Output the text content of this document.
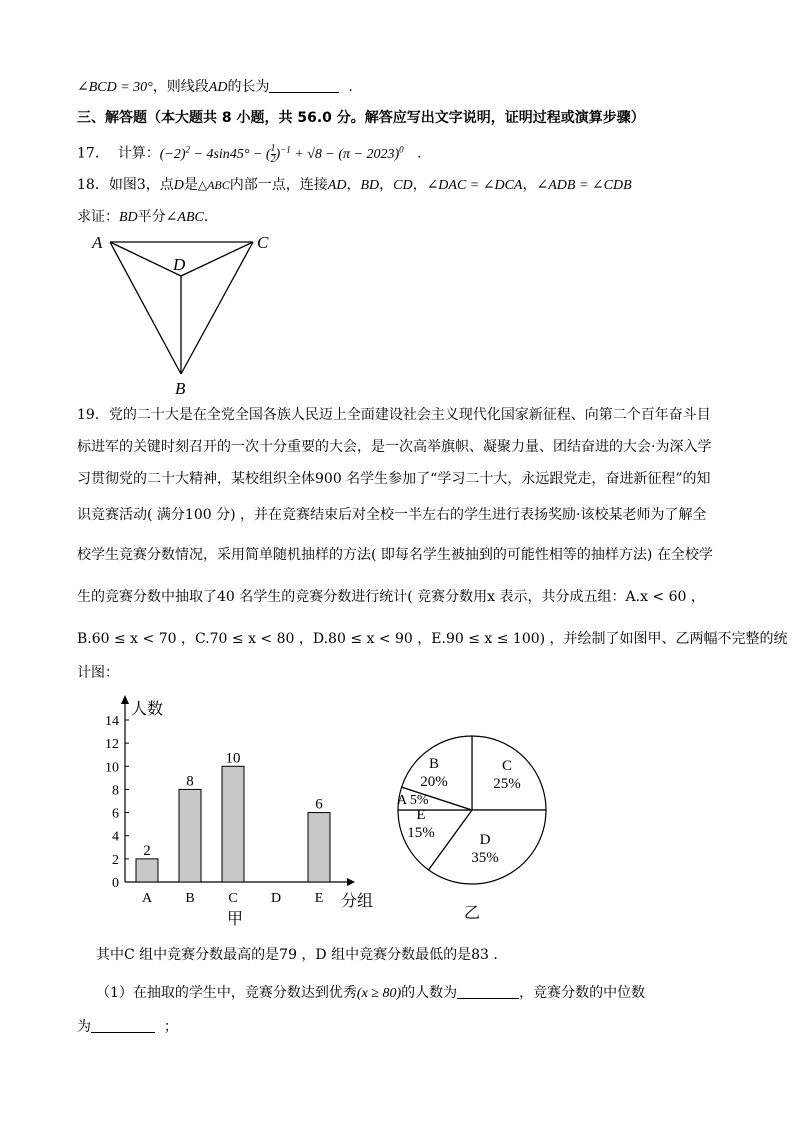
∠BCD = 30°，则线段AD的长为	.
三、解答题（本大题共 8 小题，共 56.0 分。解答应写出文字说明，证明过程或演算步骤）
17． 计算：$(-2)^2 - 4\sin 45^\circ$ − ( $\frac{1}{2} )^{-1} + √8 - (\pi - 2023)^0$ .
18．如图3，点D是△ABC内部一点，连接AD，BD，CD，∠DAC = ∠DCA，∠ADB = ∠CDB
求证：BD平分∠ABC．
A	C
D
B
19．党的二十大是在全党全国各族人民迈上全面建设社会主义现代化国家新征程、向第二个百年奋斗目
标进军的关键时刻召开的一次十分重要的大会，是一次高举旗帜、凝聚力量、团结奋进的大会·为深入学
习贯彻党的二十大精神，某校组织全体900 名学生参加了“学习二十大，永远跟党走，奋进新征程”的知
识竞赛活动( 满分100 分) ，并在竞赛结束后对全校一半左右的学生进行表扬奖励·该校某老师为了解全
校学生竞赛分数情况，采用简单随机抽样的方法( 即每名学生被抽到的可能性相等的抽样方法) 在全校学
生的竞赛分数中抽取了40 名学生的竞赛分数进行统计( 竞赛分数用x 表示，共分成五组：A.x < 60 ，
B.60 ≤ x < 70 ，C.70 ≤ x < 80 ，D.80 ≤ x < 90 ，E.90 ≤ x ≤ 100) ，并绘制了如图甲、乙两幅不完整的统
计图：
0
2
4
6
8
10
12
14
人数
2
A
8
B
10
C D
6
E 分组
甲
C
25%
D
35%
E
15%
A 5%
B
20%
乙
其中C 组中竞赛分数最高的是79 ，D 组中竞赛分数最低的是83 .
（1）在抽取的学生中，竞赛分数达到优秀(x ≥ 80)的人数为	，竞赛分数的中位数
为	；
